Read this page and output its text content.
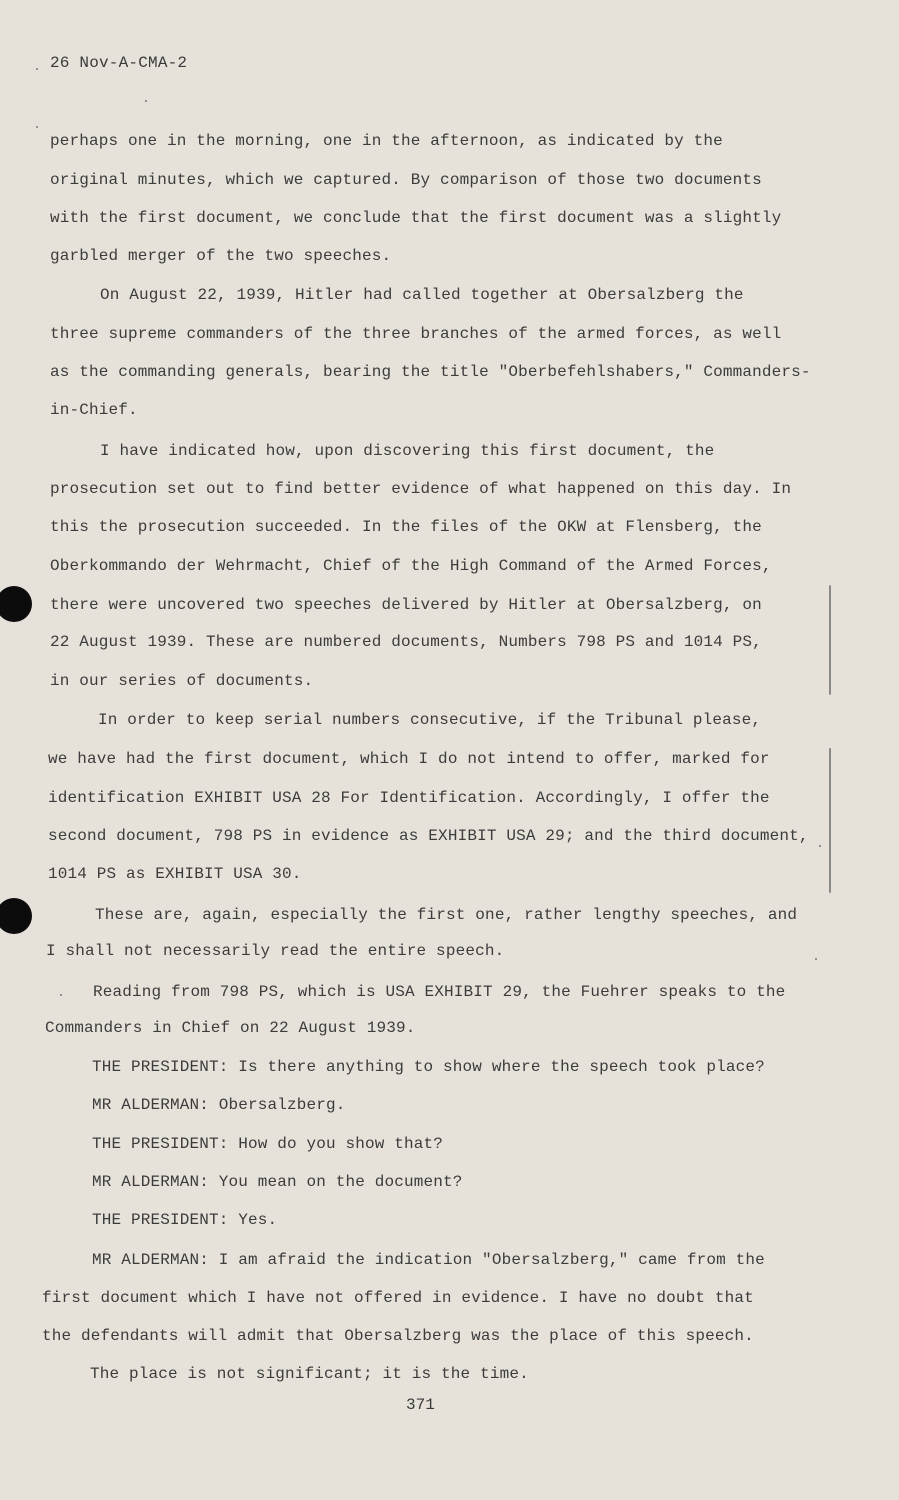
26 Nov-A-CMA-2
perhaps one in the morning, one in the afternoon, as indicated by the
original minutes, which we captured. By comparison of those two documents
with the first document, we conclude that the first document was a slightly
garbled merger of the two speeches.
On August 22, 1939, Hitler had called together at Obersalzberg the
three supreme commanders of the three branches of the armed forces, as well
as the commanding generals, bearing the title "Oberbefehlshabers," Commanders-
in-Chief.
I have indicated how, upon discovering this first document, the
prosecution set out to find better evidence of what happened on this day. In
this the prosecution succeeded. In the files of the OKW at Flensberg, the
Oberkommando der Wehrmacht, Chief of the High Command of the Armed Forces,
there were uncovered two speeches delivered by Hitler at Obersalzberg, on
22 August 1939. These are numbered documents, Numbers 798 PS and 1014 PS,
in our series of documents.
In order to keep serial numbers consecutive, if the Tribunal please,
we have had the first document, which I do not intend to offer, marked for
identification EXHIBIT USA 28 For Identification. Accordingly, I offer the
second document, 798 PS in evidence as EXHIBIT USA 29; and the third document,
1014 PS as EXHIBIT USA 30.
These are, again, especially the first one, rather lengthy speeches, and
I shall not necessarily read the entire speech.
Reading from 798 PS, which is USA EXHIBIT 29, the Fuehrer speaks to the
Commanders in Chief on 22 August 1939.
THE PRESIDENT: Is there anything to show where the speech took place?
MR ALDERMAN: Obersalzberg.
THE PRESIDENT: How do you show that?
MR ALDERMAN: You mean on the document?
THE PRESIDENT: Yes.
MR ALDERMAN: I am afraid the indication "Obersalzberg," came from the
first document which I have not offered in evidence. I have no doubt that
the defendants will admit that Obersalzberg was the place of this speech.
The place is not significant; it is the time.
371
